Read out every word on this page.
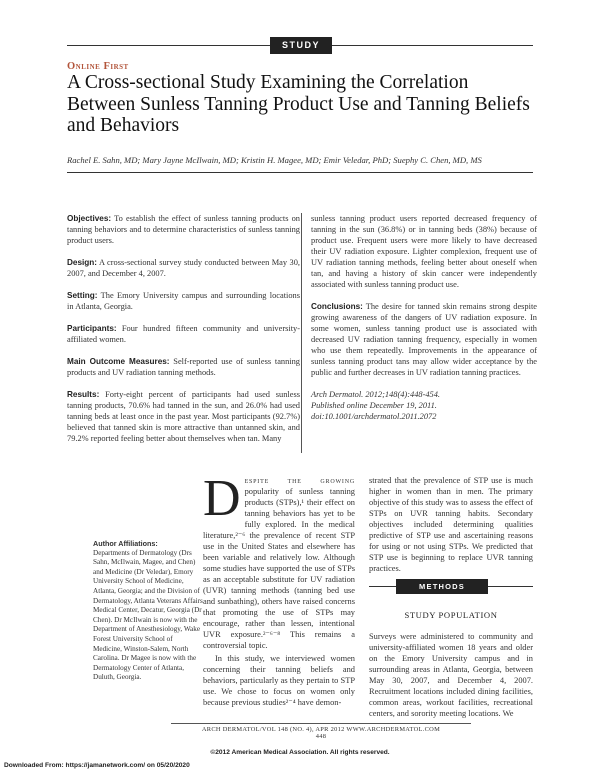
STUDY
Online First
A Cross-sectional Study Examining the Correlation Between Sunless Tanning Product Use and Tanning Beliefs and Behaviors
Rachel E. Sahn, MD; Mary Jayne McIlwain, MD; Kristin H. Magee, MD; Emir Veledar, PhD; Suephy C. Chen, MD, MS

Objectives: To establish the effect of sunless tanning products on tanning behaviors and to determine characteristics of sunless tanning product users.

Design: A cross-sectional survey study conducted between May 30, 2007, and December 4, 2007.

Setting: The Emory University campus and surrounding locations in Atlanta, Georgia.

Participants: Four hundred fifteen community and university-affiliated women.

Main Outcome Measures: Self-reported use of sunless tanning products and UV radiation tanning methods.

Results: Forty-eight percent of participants had used sunless tanning products, 70.6% had tanned in the sun, and 26.0% had used tanning beds at least once in the past year. Most participants (92.7%) believed that tanned skin is more attractive than untanned skin, and 79.2% reported feeling better about themselves when tan. Many

sunless tanning product users reported decreased frequency of tanning in the sun (36.8%) or in tanning beds (38%) because of product use. Frequent users were more likely to have decreased their UV radiation exposure. Lighter complexion, frequent use of UV radiation tanning methods, feeling better about oneself when tan, and having a history of skin cancer were independently associated with sunless tanning product use.

Conclusions: The desire for tanned skin remains strong despite growing awareness of the dangers of UV radiation exposure. In some women, sunless tanning product use is associated with decreased UV radiation tanning frequency, especially in women who use them repeatedly. Improvements in the appearance of sunless tanning product tans may allow wider acceptance by the public and further decreases in UV radiation tanning practices.

Arch Dermatol. 2012;148(4):448-454.
Published online December 19, 2011.
doi:10.1001/archdermatol.2011.2072
Author Affiliations:
Departments of Dermatology (Drs Sahn, McIlwain, Magee, and Chen) and Medicine (Dr Veledar), Emory University School of Medicine, Atlanta, Georgia; and the Division of Dermatology, Atlanta Veterans Affairs Medical Center, Decatur, Georgia (Dr Chen). Dr McIlwain is now with the Department of Anesthesiology, Wake Forest University School of Medicine, Winston-Salem, North Carolina. Dr Magee is now with the Dermatology Center of Atlanta, Duluth, Georgia.

Despite the growing popularity of sunless tanning products (STPs),¹ their effect on tanning behaviors has yet to be fully explored. In the medical literature,²⁻⁶ the prevalence of recent STP use in the United States and elsewhere has been variable and relatively low. Although some studies have supported the use of STPs as an acceptable substitute for UV radiation (UVR) tanning methods (tanning bed use and sunbathing), others have raised concerns that promoting the use of STPs may encourage, rather than lessen, intentional UVR exposure.²⁻⁶⁻⁸ This remains a controversial topic.

In this study, we interviewed women concerning their tanning beliefs and behaviors, particularly as they pertain to STP use. We chose to focus on women only because previous studies²⁻⁴ have demon-

strated that the prevalence of STP use is much higher in women than in men. The primary objective of this study was to assess the effect of STPs on UVR tanning habits. Secondary objectives included determining qualities predictive of STP use and ascertaining reasons for using or not using STPs. We predicted that STP use is beginning to replace UVR tanning practices.

METHODS
STUDY POPULATION
Surveys were administered to community and university-affiliated women 18 years and older on the Emory University campus and in surrounding areas in Atlanta, Georgia, between May 30, 2007, and December 4, 2007. Recruitment locations included dining facilities, common areas, workout facilities, recreational centers, and sorority meeting locations. We
ARCH DERMATOL/VOL 148 (NO. 4), APR 2012 WWW.ARCHDERMATOL.COM
448
©2012 American Medical Association. All rights reserved.
Downloaded From: https://jamanetwork.com/ on 05/20/2020
